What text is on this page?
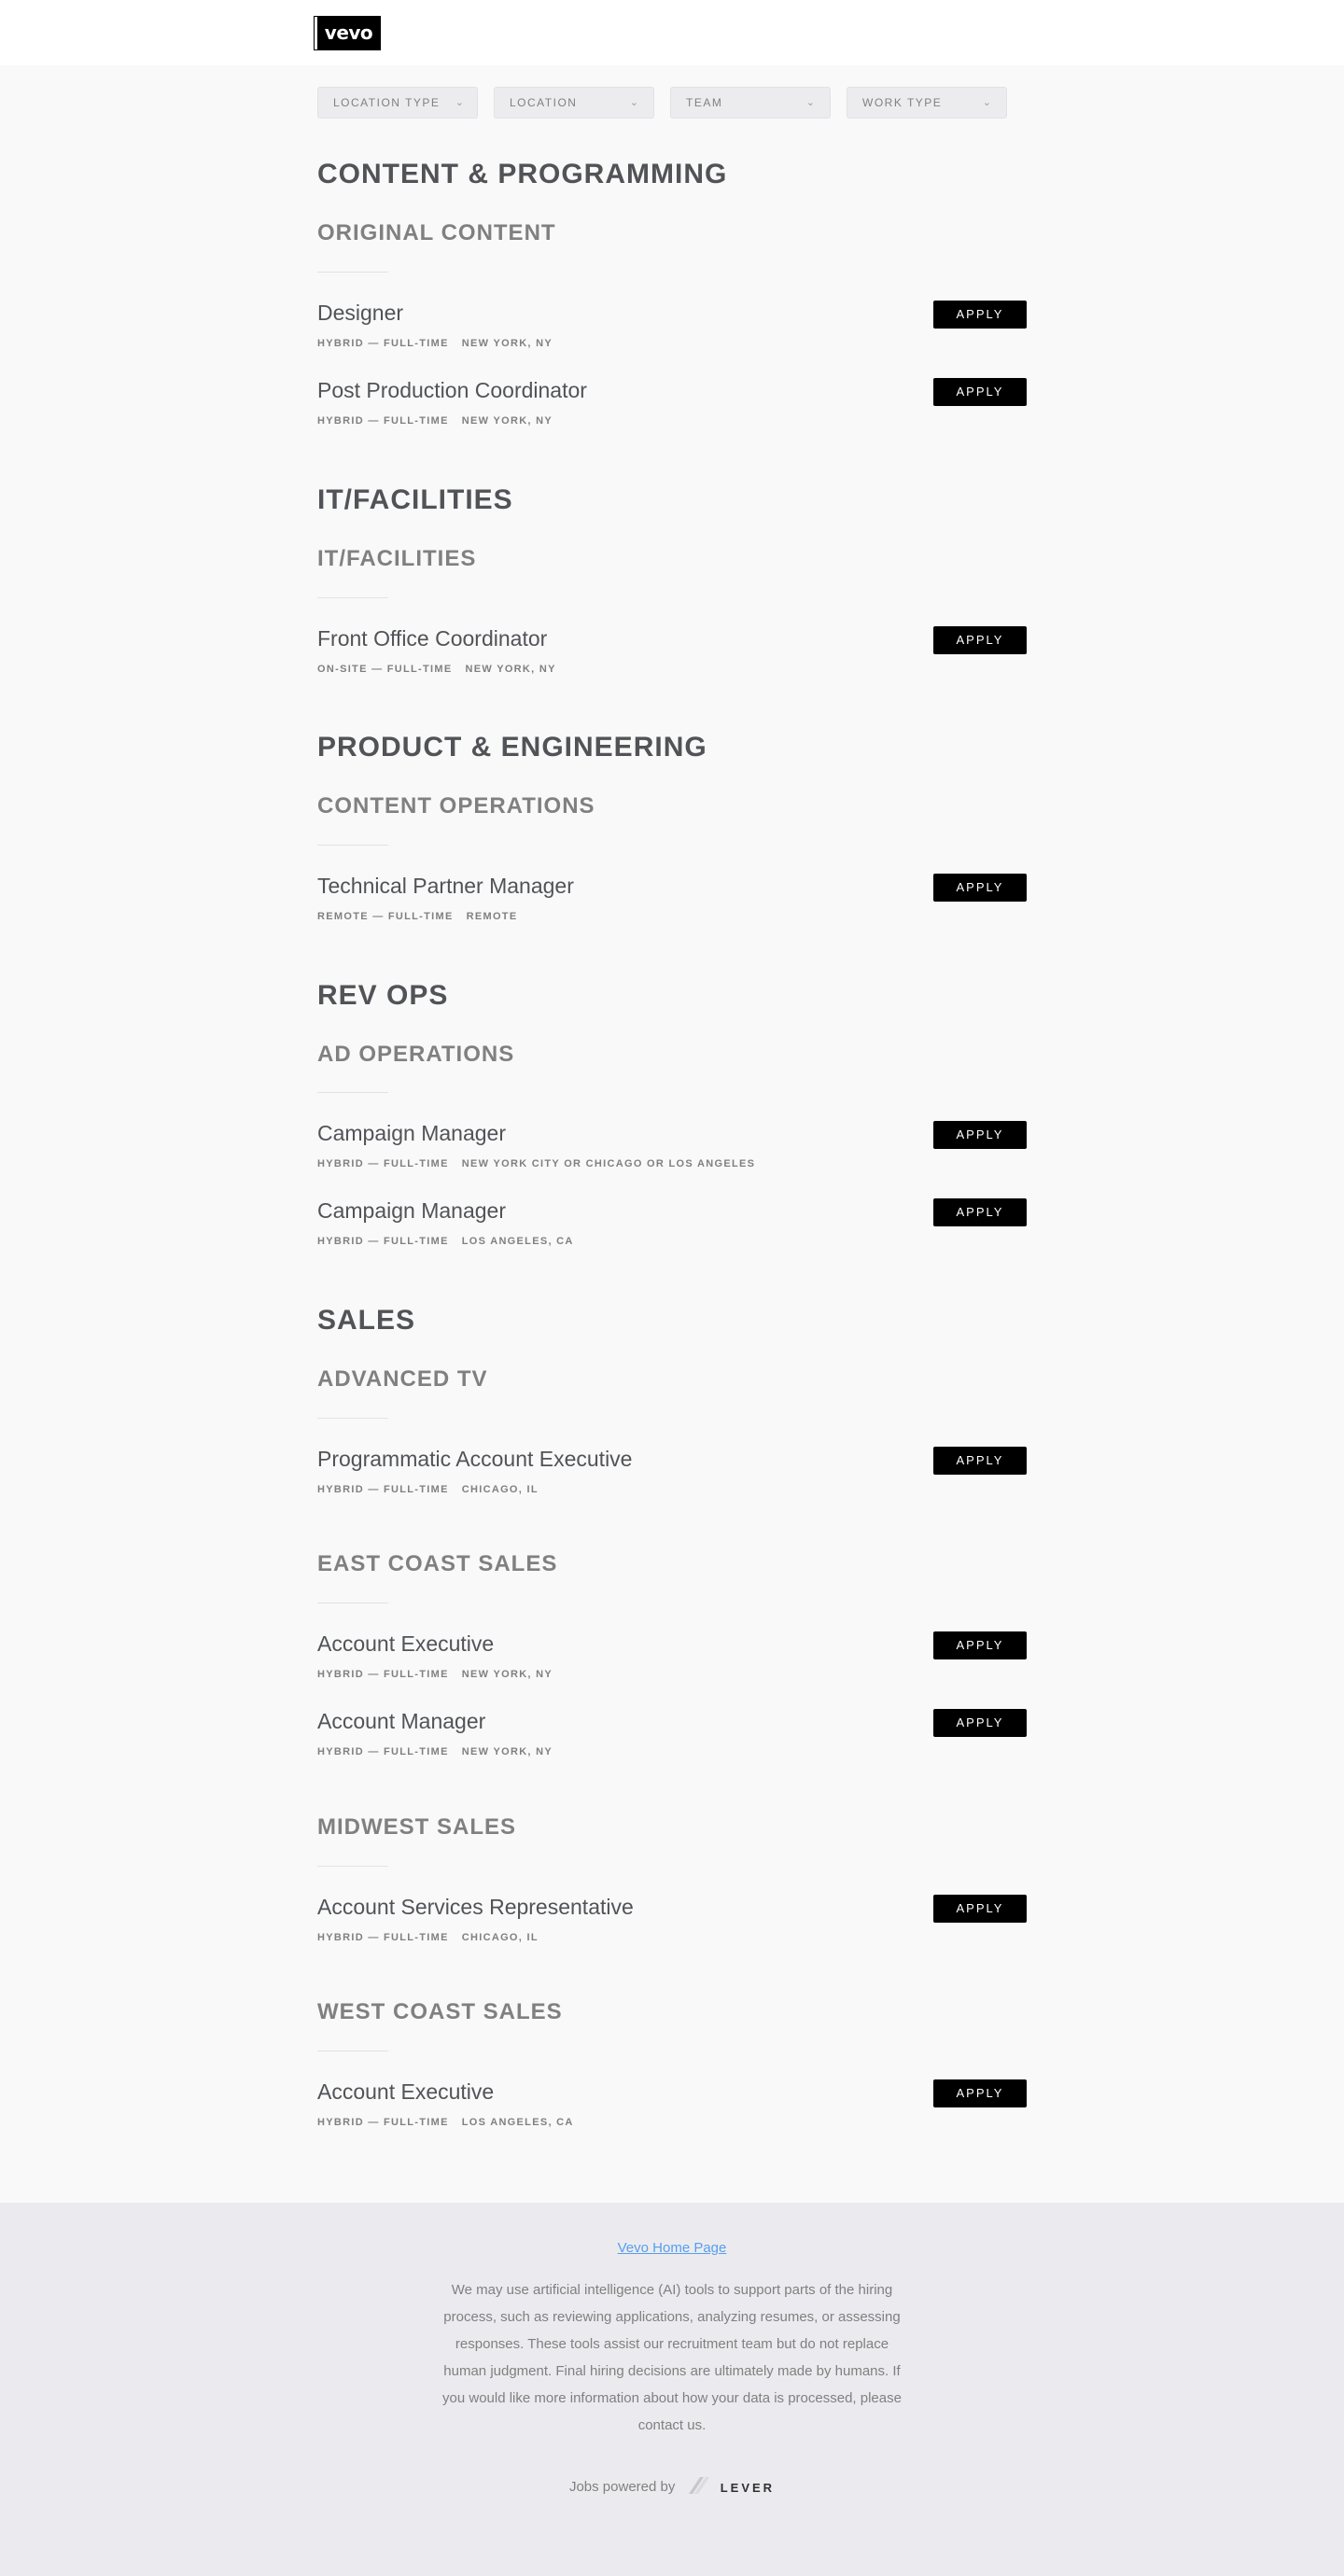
vevo
LOCATION TYPE ⌄	LOCATION	⌄	TEAM	⌄	WORK TYPE	⌄
CONTENT & PROGRAMMING
ORIGINAL CONTENT
Designer	APPLY
HYBRID — FULL-TIME NEW YORK, NY
Post Production Coordinator	APPLY
HYBRID — FULL-TIME NEW YORK, NY
IT/FACILITIES
IT/FACILITIES
Front Office Coordinator	APPLY
ON-SITE — FULL-TIME NEW YORK, NY
PRODUCT & ENGINEERING
CONTENT OPERATIONS
Technical Partner Manager	APPLY
REMOTE — FULL-TIME REMOTE
REV OPS
AD OPERATIONS
Campaign Manager	APPLY
HYBRID — FULL-TIME NEW YORK CITY OR CHICAGO OR LOS ANGELES
Campaign Manager	APPLY
HYBRID — FULL-TIME LOS ANGELES, CA
SALES
ADVANCED TV
Programmatic Account Executive	APPLY
HYBRID — FULL-TIME CHICAGO, IL
EAST COAST SALES
Account Executive	APPLY
HYBRID — FULL-TIME NEW YORK, NY
Account Manager	APPLY
HYBRID — FULL-TIME NEW YORK, NY
MIDWEST SALES
Account Services Representative	APPLY
HYBRID — FULL-TIME CHICAGO, IL
WEST COAST SALES
Account Executive	APPLY
HYBRID — FULL-TIME LOS ANGELES, CA
Vevo Home Page

We may use artificial intelligence (AI) tools to support parts of the hiring process, such as reviewing applications, analyzing resumes, or assessing responses. These tools assist our recruitment team but do not replace human judgment. Final hiring decisions are ultimately made by humans. If you would like more information about how your data is processed, please contact us.

Jobs powered by	LEVER
